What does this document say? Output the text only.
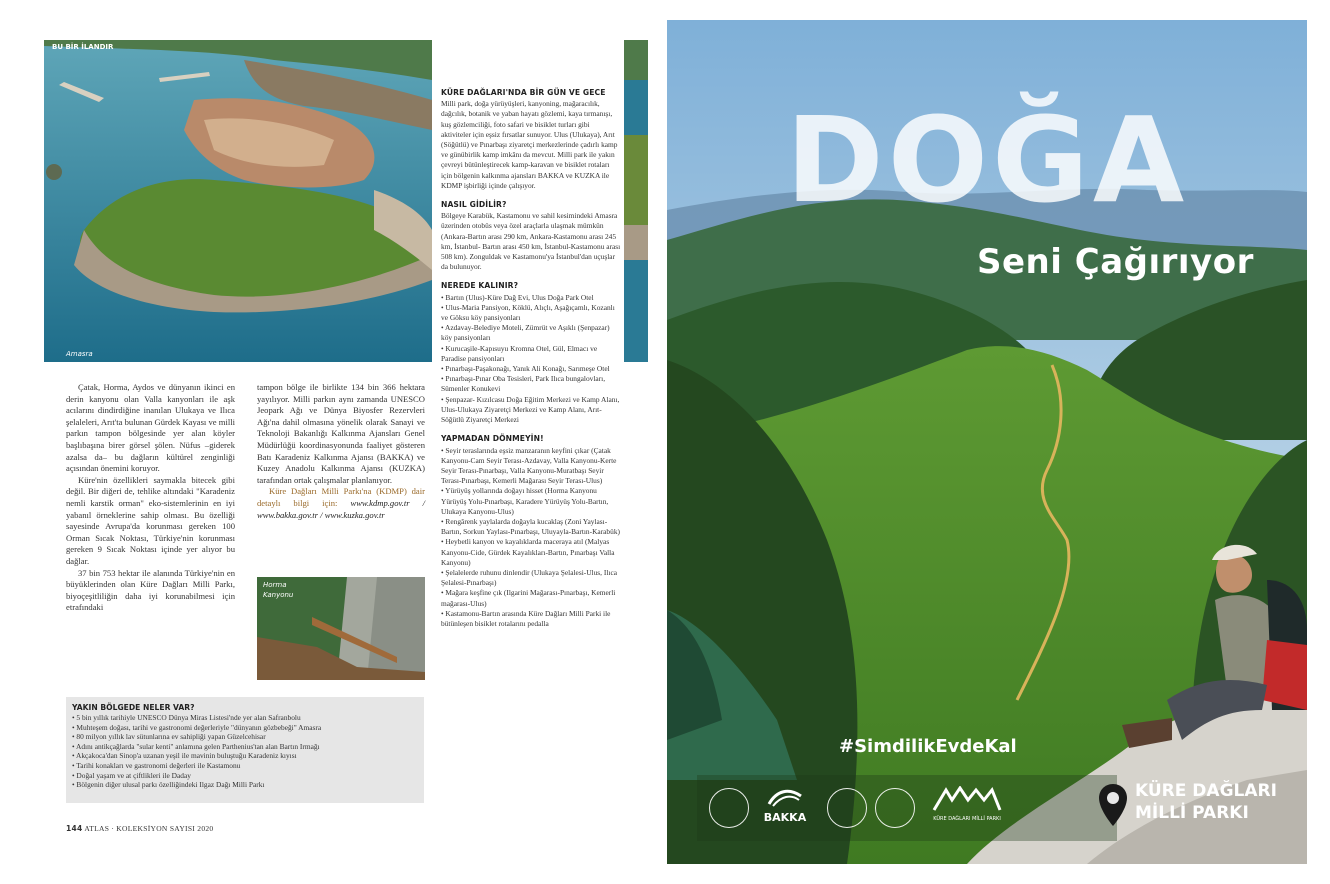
Amasra
BU BİR İLANDIR

Çatak, Horma, Aydos ve dünyanın ikinci en derin kanyonu olan Valla kanyonları ile aşk acılarını dindirdiğine inanılan Ulukaya ve Ilıca şelaleleri, Arıt'ta bulunan Gürdek Kayası ve milli parkın tampon bölgesinde yer alan köyler başlıbaşına birer görsel şölen. Nüfus –giderek azalsa da– bu dağların kültürel zenginliği açısından önemini koruyor.

Küre'nin özellikleri saymakla bitecek gibi değil. Bir diğeri de, tehlike altındaki "Karadeniz nemli karstik orman" eko-sistemlerinin en iyi yabanıl örneklerine sahip olması. Bu özelliği sayesinde Avrupa'da korunması gereken 100 Orman Sıcak Noktası, Türkiye'nin korunması gereken 9 Sıcak Noktası içinde yer alıyor bu dağlar.

37 bin 753 hektar ile alanında Türkiye'nin en büyüklerinden olan Küre Dağları Milli Parkı, biyoçeşitliliğin daha iyi korunabilmesi için etrafındaki

tampon bölge ile birlikte 134 bin 366 hektara yayılıyor. Milli parkın aynı zamanda UNESCO Jeopark Ağı ve Dünya Biyosfer Rezervleri Ağı'na dahil olmasına yönelik olarak Sanayi ve Teknoloji Bakanlığı Kalkınma Ajansları Genel Müdürlüğü koordinasyonunda faaliyet gösteren Batı Karadeniz Kalkınma Ajansı (BAKKA) ve Kuzey Anadolu Kalkınma Ajansı (KUZKA) tarafından ortak çalışmalar planlanıyor.

Küre Dağları Milli Parkı'na (KDMP) dair detaylı bilgi için: www.kdmp.gov.tr / www.bakka.gov.tr / www.kuzka.gov.tr

Horma
Kanyonu
KÜRE DAĞLARI'NDA BİR GÜN VE GECE

Milli park, doğa yürüyüşleri, kanyoning, mağaracılık, dağcılık, botanik ve yaban hayatı gözlemi, kaya tırmanışı, kuş gözlemciliği, foto safari ve bisiklet turları gibi aktiviteler için eşsiz fırsatlar sunuyor. Ulus (Ulukaya), Arıt (Söğütlü) ve Pınarbaşı ziyaretçi merkezlerinde çadırlı kamp ve günübirlik kamp imkânı da mevcut. Milli park ile yakın çevreyi bütünleştirecek kamp-karavan ve bisiklet rotaları için bölgenin kalkınma ajansları BAKKA ve KUZKA ile KDMP işbirliği içinde çalışıyor.

NASIL GİDİLİR?

Bölgeye Karabük, Kastamonu ve sahil kesimindeki Amasra üzerinden otobüs veya özel araçlarla ulaşmak mümkün (Ankara-Bartın arası 290 km, Ankara-Kastamonu arası 245 km, İstanbul- Bartın arası 450 km, İstanbul-Kastamonu arası 508 km). Zonguldak ve Kastamonu'ya İstanbul'dan uçuşlar da bulunuyor.

NEREDE KALINIR?
• Bartın (Ulus)-Küre Dağ Evi, Ulus Doğa Park Otel
• Ulus-Maria Pansiyon, Köklü, Alıçlı, Aşağıçamlı, Kozanlı ve Göksu köy pansiyonları
• Azdavay-Belediye Moteli, Zümrüt ve Aşıklı (Şenpazar) köy pansiyonları
• Kurucaşile-Kapısuyu Kromna Otel, Gül, Elmacı ve Paradise pansiyonları
• Pınarbaşı-Paşakonağı, Yanık Ali Konağı, Sarımeşe Otel
• Pınarbaşı-Pınar Oba Tesisleri, Park Ilıca bungalovları, Sümenler Konukevi
• Şenpazar- Kızılcasu Doğa Eğitim Merkezi ve Kamp Alanı, Ulus-Ulukaya Ziyaretçi Merkezi ve Kamp Alanı, Arıt-Söğütlü Ziyaretçi Merkezi
YAPMADAN DÖNMEYİN!
• Seyir teraslarında eşsiz manzaranın keyfini çıkar (Çatak Kanyonu-Cam Seyir Terası-Azdavay, Valla Kanyonu-Kerte Seyir Terası-Pınarbaşı, Valla Kanyonu-Muratbaşı Seyir Terası-Pınarbaşı, Kemerli Mağarası Seyir Terası-Ulus)
• Yürüyüş yollarında doğayı hisset (Horma Kanyonu Yürüyüş Yolu-Pınarbaşı, Karadere Yürüyüş Yolu-Bartın, Ulukaya Kanyonu-Ulus)
• Rengârenk yaylalarda doğayla kucaklaş (Zoni Yaylası-Bartın, Sorkun Yaylası-Pınarbaşı, Uluyayla-Bartın-Karabük)
• Heybetli kanyon ve kayalıklarda maceraya atıl (Malyas Kanyonu-Cide, Gürdek Kayalıkları-Bartın, Pınarbaşı Valla Kanyonu)
• Şelalelerde ruhunu dinlendir (Ulukaya Şelalesi-Ulus, Ilıca Şelalesi-Pınarbaşı)
• Mağara keşfine çık (Ilgarini Mağarası-Pınarbaşı, Kemerli mağarası-Ulus)
• Kastamonu-Bartın arasında Küre Dağları Milli Parki ile bütünleşen bisiklet rotalarını pedalla
YAKIN BÖLGEDE NELER VAR?
• 5 bin yıllık tarihiyle UNESCO Dünya Miras Listesi'nde yer alan Safranbolu
• Muhteşem doğası, tarihi ve gastronomi değerleriyle "dünyanın gözbebeği" Amasra
• 80 milyon yıllık lav sütunlarına ev sahipliği yapan Güzelcehisar
• Adını antikçağlarda "sular kenti" anlamına gelen Parthenius'tan alan Bartın Irmağı
• Akçakoca'dan Sinop'a uzanan yeşil ile mavinin buluştuğu Karadeniz kıyısı
• Tarihi konakları ve gastronomi değerleri ile Kastamonu
• Doğal yaşam ve at çiftlikleri ile Daday
• Bölgenin diğer ulusal parkı özelliğindeki Ilgaz Dağı Milli Parkı
144 ATLAS · KOLEKSİYON SAYISI 2020
DOĞA
Seni Çağırıyor
#SimdilikEvdeKal
BAKKA	KÜRE DAĞLARI MİLLİ PARKI
KÜRE DAĞLARI
MİLLİ PARKI
